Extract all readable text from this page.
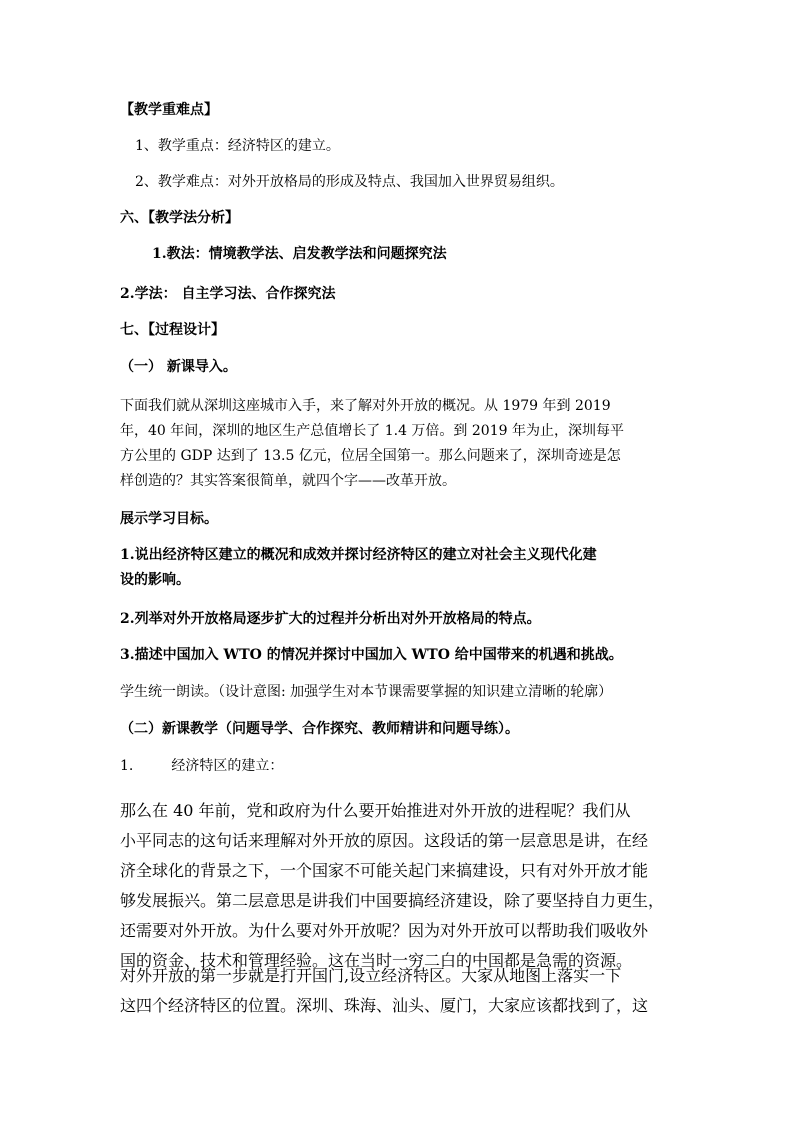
【教学重难点】
1、教学重点：经济特区的建立。
2、教学难点：对外开放格局的形成及特点、我国加入世界贸易组织。
六、【教学法分析】
1.教法：情境教学法、启发教学法和问题探究法
2.学法： 自主学习法、合作探究法
七、【过程设计】
（一） 新课导入。

下面我们就从深圳这座城市入手，来了解对外开放的概况。从 1979 年到 2019

年，40 年间，深圳的地区生产总值增长了 1.4 万倍。到 2019 年为止，深圳每平

方公里的 GDP 达到了 13.5 亿元，位居全国第一。那么问题来了，深圳奇迹是怎

样创造的？其实答案很简单，就四个字——改革开放。

展示学习目标。

1.说出经济特区建立的概况和成效并探讨经济特区的建立对社会主义现代化建

设的影响。

2.列举对外开放格局逐步扩大的过程并分析出对外开放格局的特点。
3.描述中国加入 WTO 的情况并探讨中国加入 WTO 给中国带来的机遇和挑战。
学生统一朗读。（设计意图: 加强学生对本节课需要掌握的知识建立清晰的轮廓）
（二）新课教学（问题导学、合作探究、教师精讲和问题导练）。
1.	经济特区的建立：

那么在 40 年前，党和政府为什么要开始推进对外开放的进程呢？我们从

小平同志的这句话来理解对外开放的原因。这段话的第一层意思是讲，在经

济全球化的背景之下，一个国家不可能关起门来搞建设，只有对外开放才能

够发展振兴。第二层意思是讲我们中国要搞经济建设，除了要坚持自力更生，

还需要对外开放。为什么要对外开放呢？因为对外开放可以帮助我们吸收外

国的资金、技术和管理经验。这在当时一穷二白的中国都是急需的资源。

对外开放的第一步就是打开国门,设立经济特区。大家从地图上落实一下

这四个经济特区的位置。深圳、珠海、汕头、厦门，大家应该都找到了，这
